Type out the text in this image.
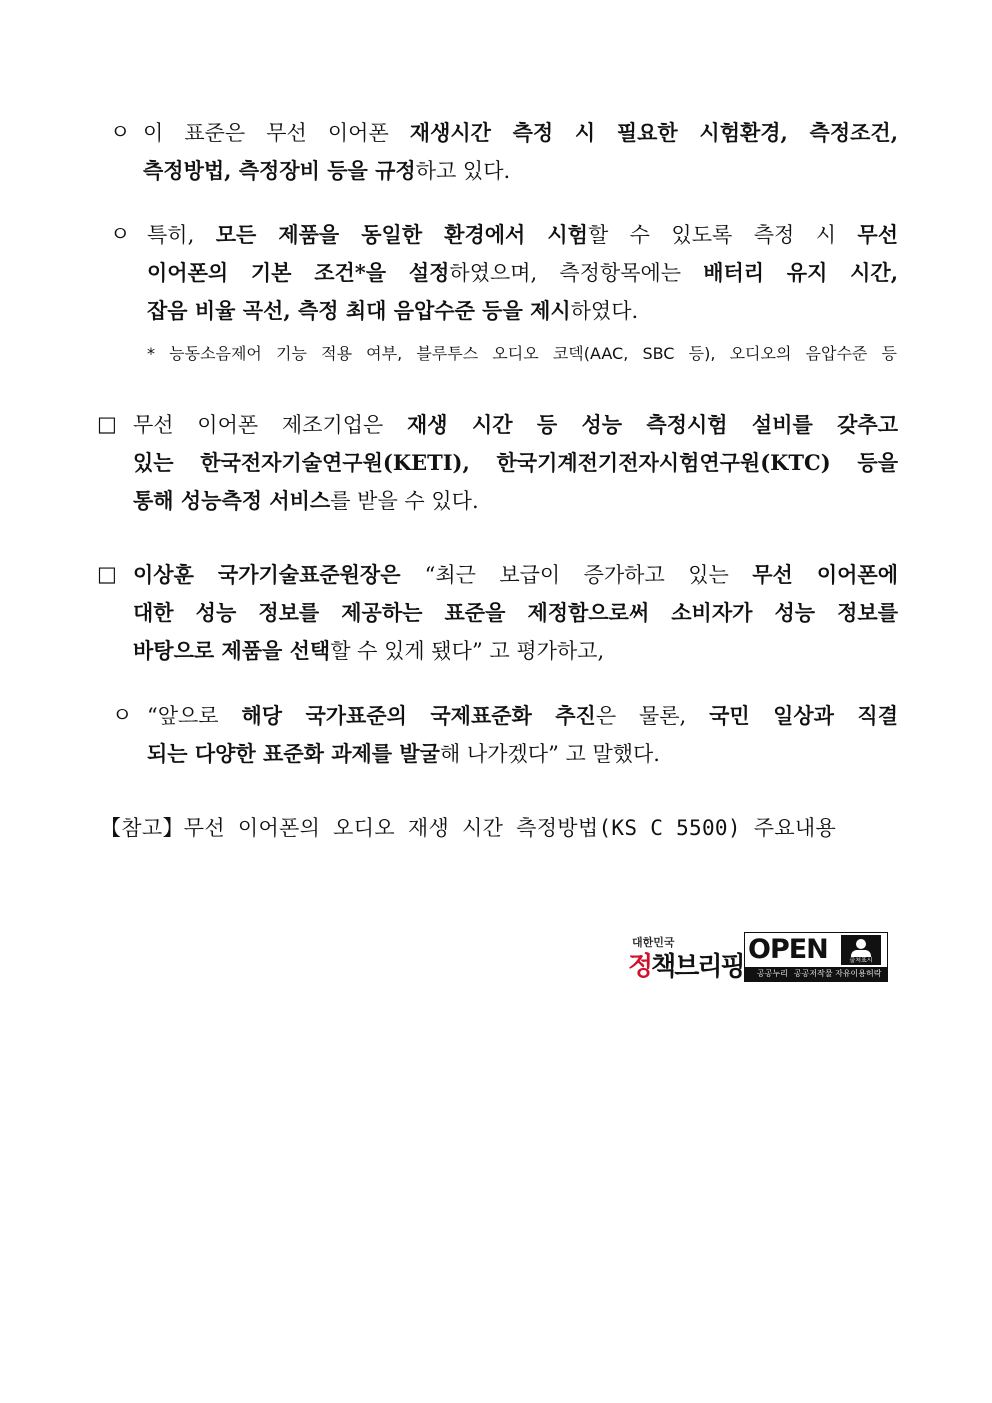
ㅇ 이 표준은 무선 이어폰 재생시간 측정 시 필요한 시험환경, 측정조건,
측정방법, 측정장비 등을 규정하고 있다.
ㅇ 특히, 모든 제품을 동일한 환경에서 시험할 수 있도록 측정 시 무선
이어폰의 기본 조건*을 설정하였으며, 측정항목에는 배터리 유지 시간,
잡음 비율 곡선, 측정 최대 음압수준 등을 제시하였다.
* 능동소음제어 기능 적용 여부, 블루투스 오디오 코덱(AAC, SBC 등), 오디오의 음압수준 등
□ 무선 이어폰 제조기업은 재생 시간 등 성능 측정시험 설비를 갖추고
있는 한국전자기술연구원(KETI), 한국기계전기전자시험연구원(KTC) 등을
통해 성능측정 서비스를 받을 수 있다.
□ 이상훈 국가기술표준원장은 “최근 보급이 증가하고 있는 무선 이어폰에
대한 성능 정보를 제공하는 표준을 제정함으로써 소비자가 성능 정보를
바탕으로 제품을 선택할 수 있게 됐다” 고 평가하고,
ㅇ “앞으로 해당 국가표준의 국제표준화 추진은 물론, 국민 일상과 직결
되는 다양한 표준화 과제를 발굴해 나가겠다” 고 말했다.
【참고】무선 이어폰의 오디오 재생 시간 측정방법(KS C 5500) 주요내용
대한민국
정책브리핑
OPEN	출처표시
공공누리 공공저작물 자유이용허락
